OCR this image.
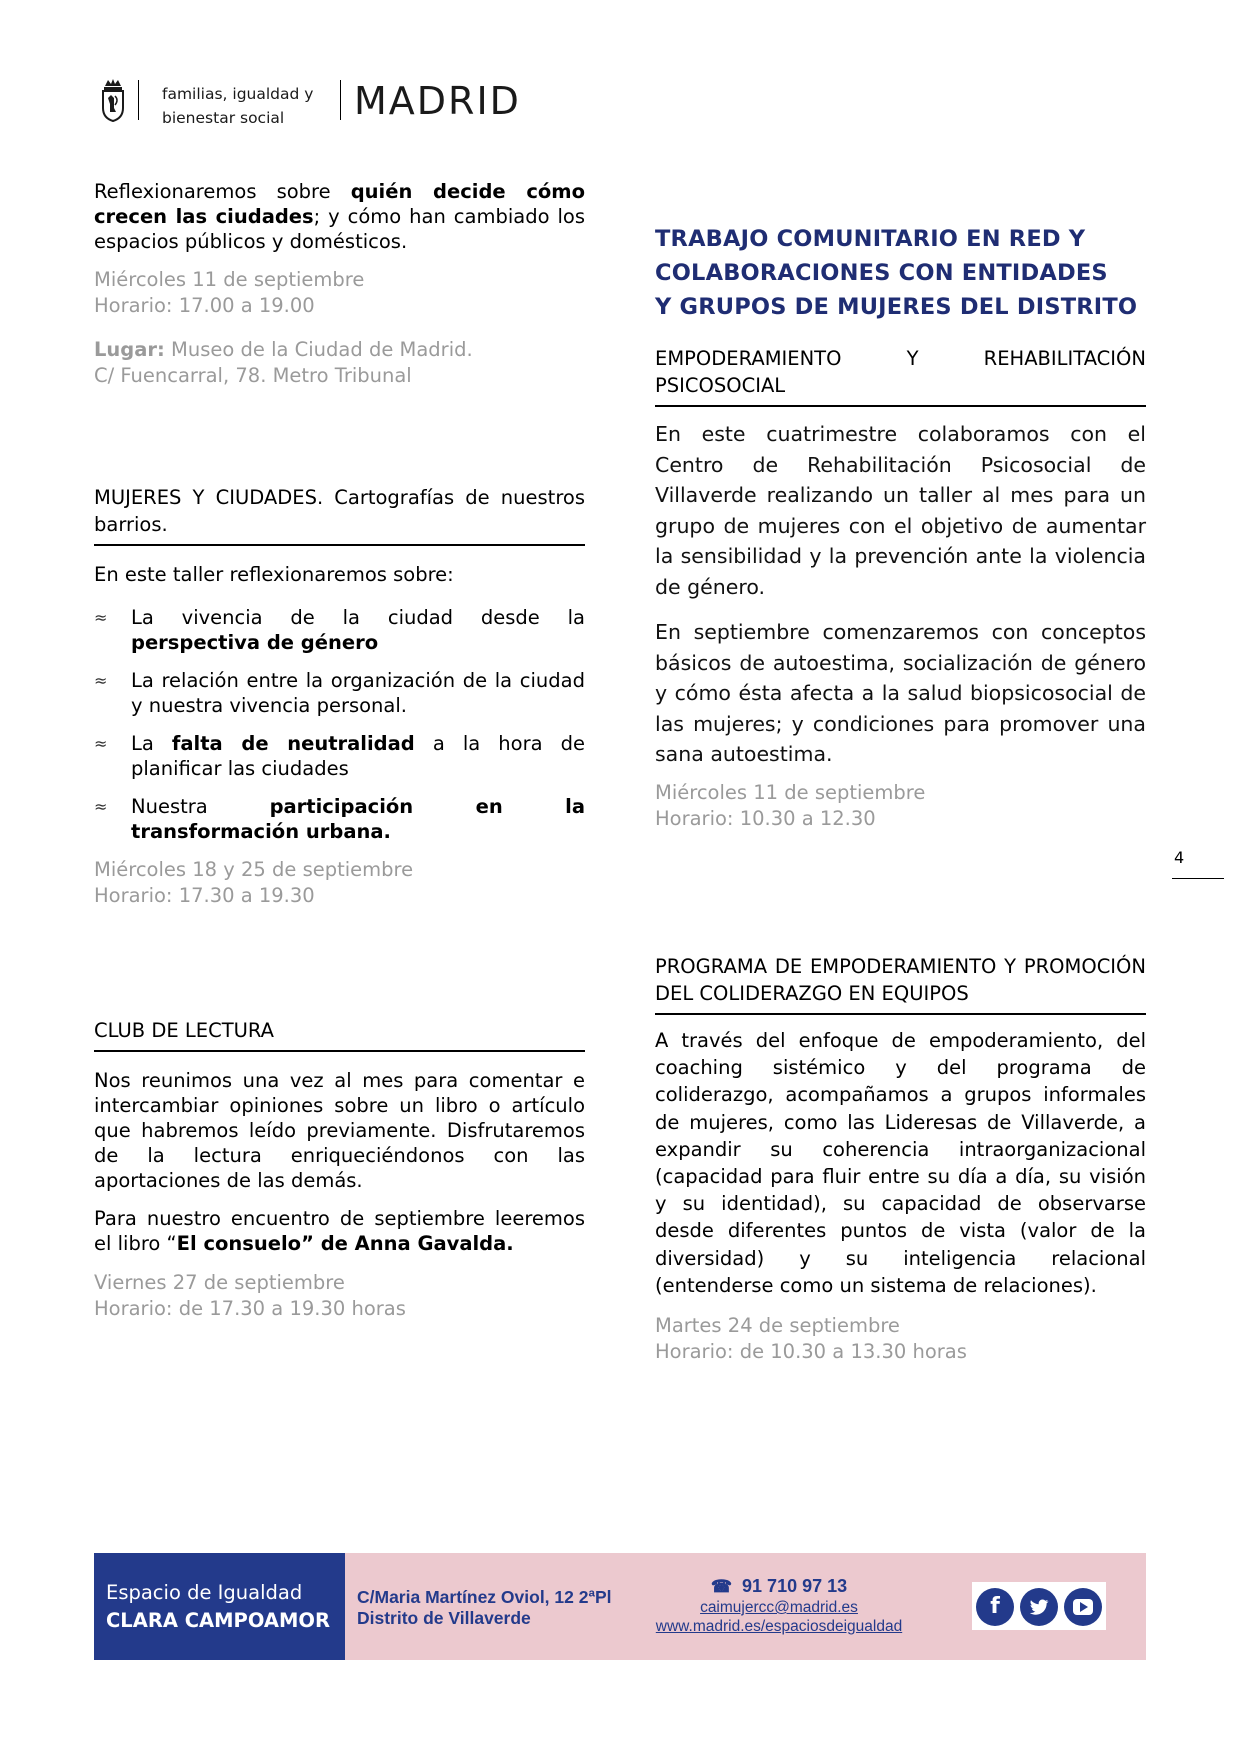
familias, igualdad y
bienestar social	MADRID

Reflexionaremos sobre quién decide cómo crecen las ciudades; y cómo han cambiado los espacios públicos y domésticos.

Miércoles 11 de septiembre

Horario: 17.00 a 19.00

Lugar: Museo de la Ciudad de Madrid.

C/ Fuencarral, 78. Metro Tribunal

MUJERES Y CIUDADES. Cartografías de nuestros barrios.

En este taller reflexionaremos sobre:

≈ La vivencia de la ciudad desde la perspectiva de género
≈ La relación entre la organización de la ciudad y nuestra vivencia personal.
≈ La falta de neutralidad a la hora de planificar las ciudades
≈ Nuestra participación en la transformación urbana.

Miércoles 18 y 25 de septiembre

Horario: 17.30 a 19.30

CLUB DE LECTURA

Nos reunimos una vez al mes para comentar e intercambiar opiniones sobre un libro o artículo que habremos leído previamente. Disfrutaremos de la lectura enriqueciéndonos con las aportaciones de las demás.

Para nuestro encuentro de septiembre leeremos el libro “El consuelo” de Anna Gavalda.

Viernes 27 de septiembre

Horario: de 17.30 a 19.30 horas

TRABAJO COMUNITARIO EN RED Y
COLABORACIONES CON ENTIDADES
Y GRUPOS DE MUJERES DEL DISTRITO
EMPODERAMIENTO Y REHABILITACIÓN PSICOSOCIAL

En este cuatrimestre colaboramos con el Centro de Rehabilitación Psicosocial de Villaverde realizando un taller al mes para un grupo de mujeres con el objetivo de aumentar la sensibilidad y la prevención ante la violencia de género.

En septiembre comenzaremos con conceptos básicos de autoestima, socialización de género y cómo ésta afecta a la salud biopsicosocial de las mujeres; y condiciones para promover una sana autoestima.

Miércoles 11 de septiembre

Horario: 10.30 a 12.30

PROGRAMA DE EMPODERAMIENTO Y PROMOCIÓN DEL COLIDERAZGO EN EQUIPOS

A través del enfoque de empoderamiento, del coaching sistémico y del programa de coliderazgo, acompañamos a grupos informales de mujeres, como las Lideresas de Villaverde, a expandir su coherencia intraorganizacional (capacidad para fluir entre su día a día, su visión y su identidad), su capacidad de observarse desde diferentes puntos de vista (valor de la diversidad) y su inteligencia relacional (entenderse como un sistema de relaciones).

Martes 24 de septiembre

Horario: de 10.30 a 13.30 horas

4
Espacio de Igualdad
CLARA CAMPOAMOR
C/Maria Martínez Oviol, 12 2ªPl
Distrito de Villaverde
☎ 91 710 97 13
caimujercc@madrid.es
www.madrid.es/espaciosdeigualdad
f
